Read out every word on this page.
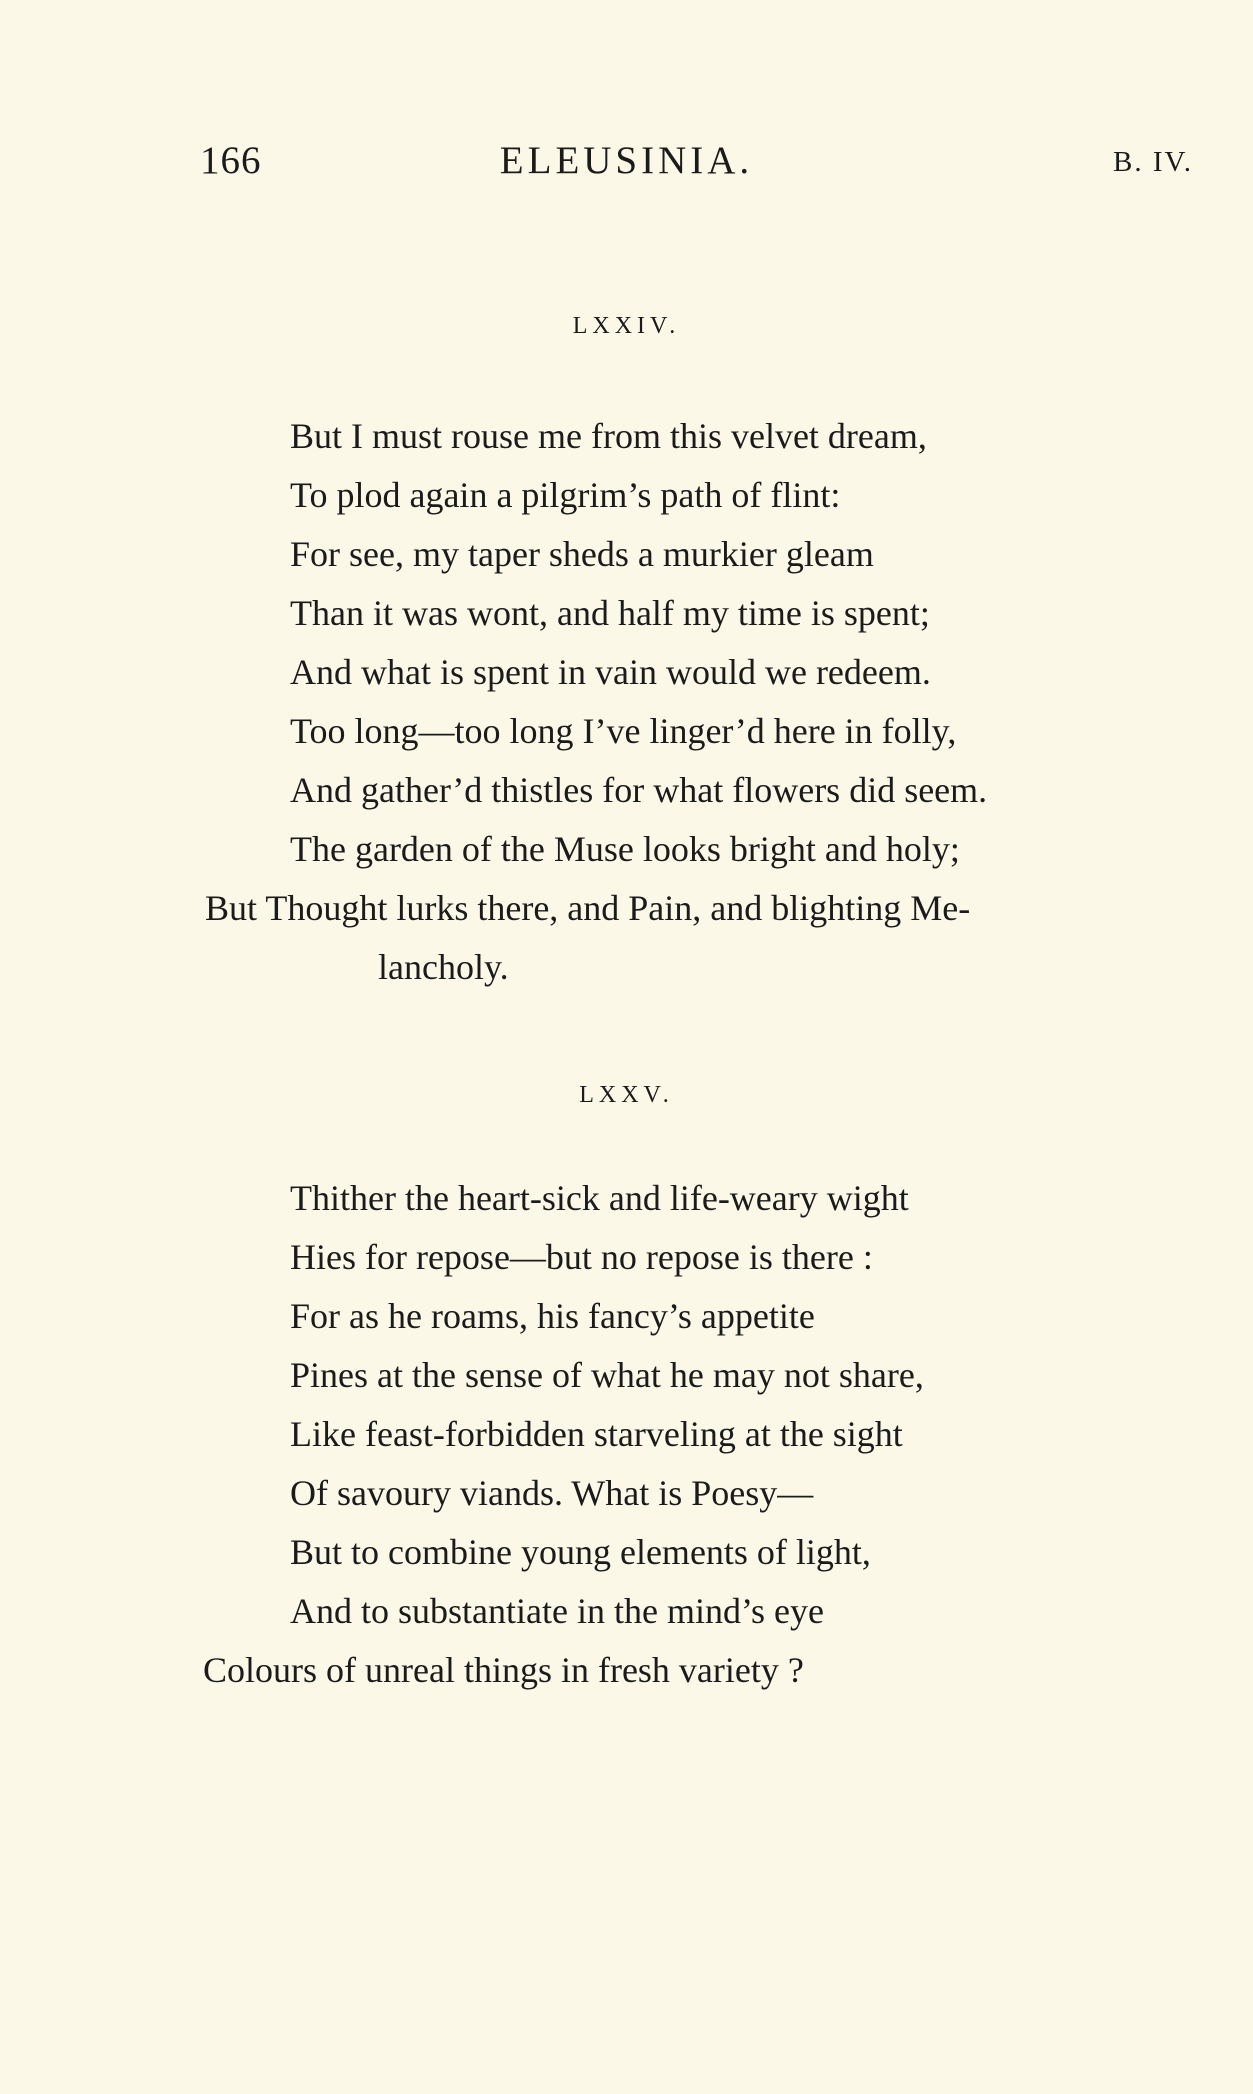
166	ELEUSINIA.	B. IV.
LXXIV.
But I must rouse me from this velvet dream,
To plod again a pilgrim’s path of flint:
For see, my taper sheds a murkier gleam
Than it was wont, and half my time is spent;
And what is spent in vain would we redeem.
Too long—too long I’ve linger’d here in folly,
And gather’d thistles for what flowers did seem.
The garden of the Muse looks bright and holy;
But Thought lurks there, and Pain, and blighting Me-
lancholy.
LXXV.
Thither the heart-sick and life-weary wight
Hies for repose—but no repose is there :
For as he roams, his fancy’s appetite
Pines at the sense of what he may not share,
Like feast-forbidden starveling at the sight
Of savoury viands. What is Poesy—
But to combine young elements of light,
And to substantiate in the mind’s eye
Colours of unreal things in fresh variety ?
